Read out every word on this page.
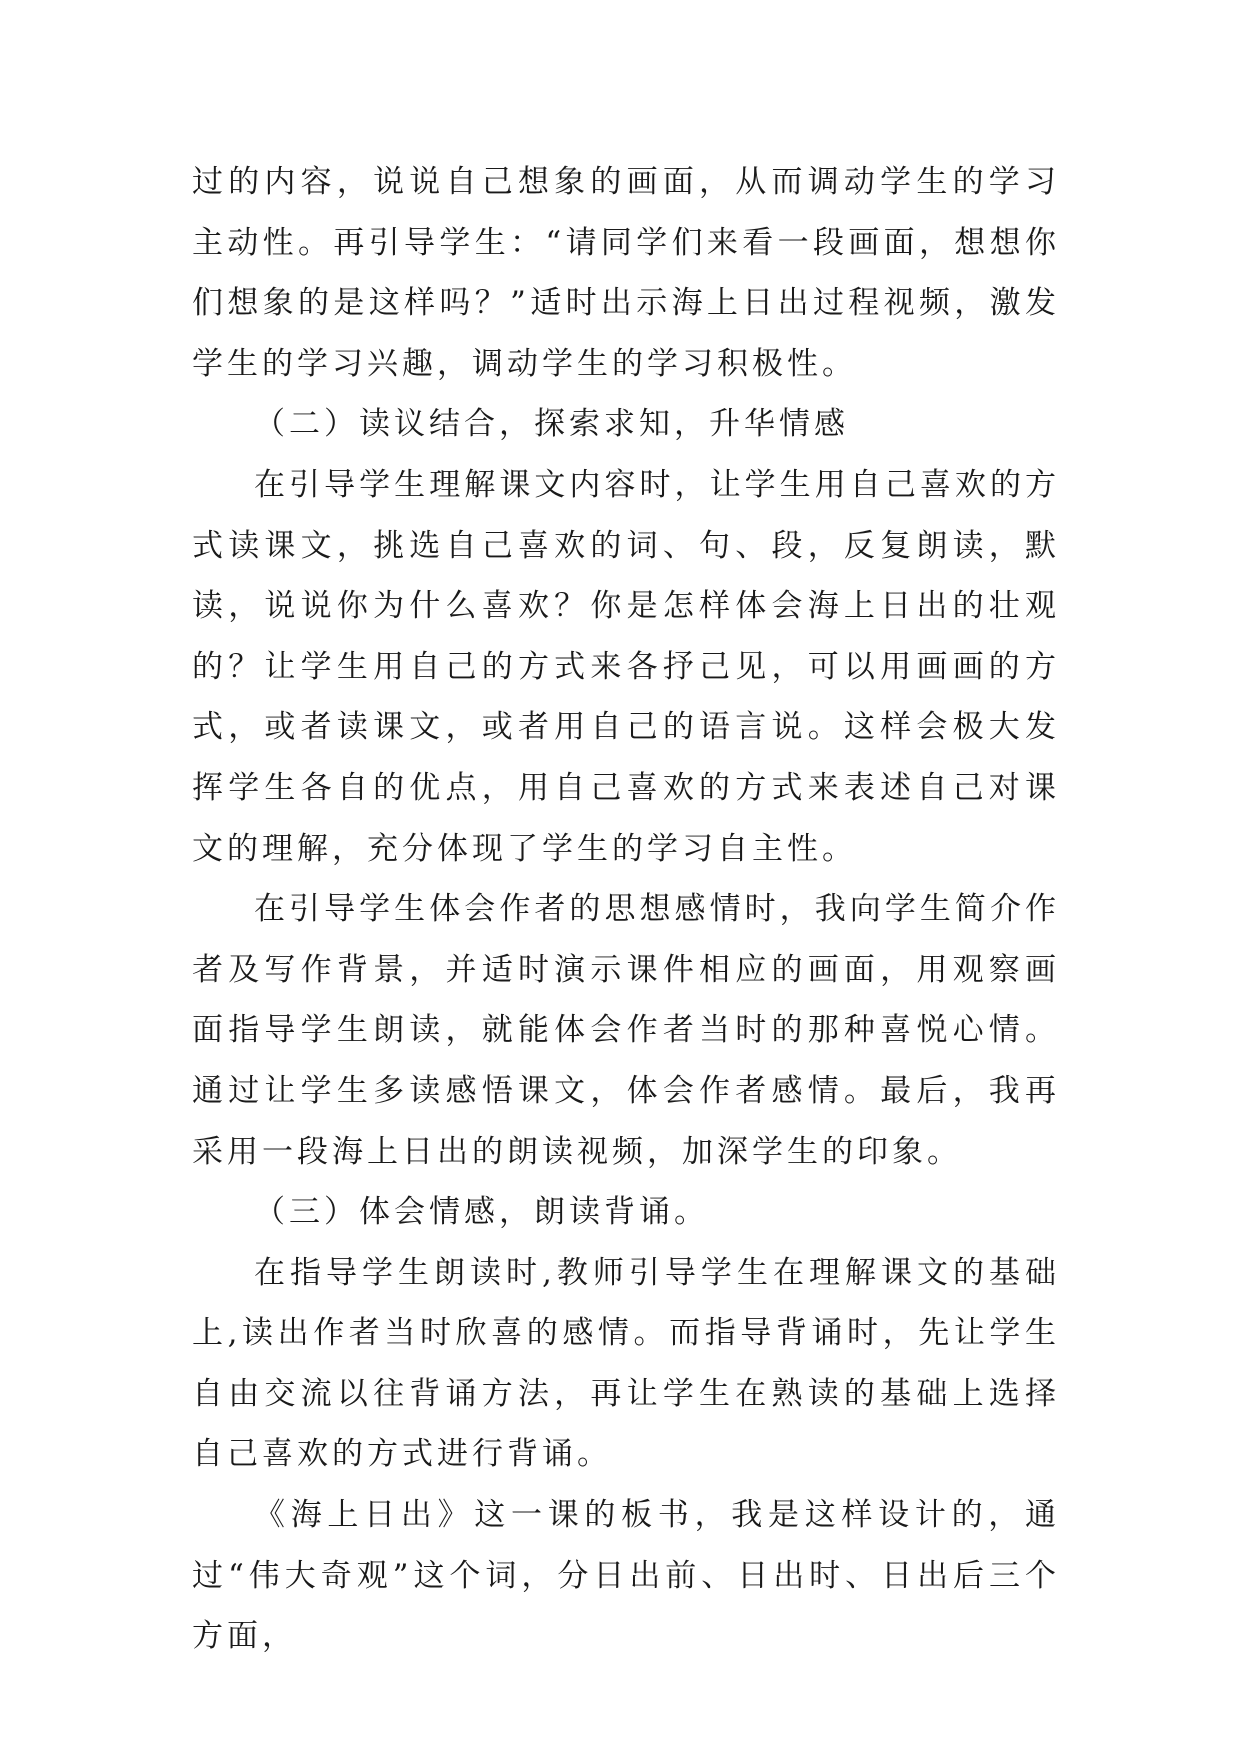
过的内容，说说自己想象的画面，从而调动学生的学习主动性。再引导学生：“请同学们来看一段画面，想想你们想象的是这样吗？”适时出示海上日出过程视频，激发学生的学习兴趣，调动学生的学习积极性。

（二）读议结合，探索求知，升华情感

在引导学生理解课文内容时，让学生用自己喜欢的方式读课文，挑选自己喜欢的词、句、段，反复朗读，默读，说说你为什么喜欢？你是怎样体会海上日出的壮观的？让学生用自己的方式来各抒己见，可以用画画的方式，或者读课文，或者用自己的语言说。这样会极大发挥学生各自的优点，用自己喜欢的方式来表述自己对课文的理解，充分体现了学生的学习自主性。

在引导学生体会作者的思想感情时，我向学生简介作者及写作背景，并适时演示课件相应的画面，用观察画面指导学生朗读，就能体会作者当时的那种喜悦心情。通过让学生多读感悟课文，体会作者感情。最后，我再采用一段海上日出的朗读视频，加深学生的印象。

（三）体会情感，朗读背诵。

在指导学生朗读时,教师引导学生在理解课文的基础上,读出作者当时欣喜的感情。而指导背诵时，先让学生自由交流以往背诵方法，再让学生在熟读的基础上选择自己喜欢的方式进行背诵。

《海上日出》这一课的板书，我是这样设计的，通过“伟大奇观”这个词，分日出前、日出时、日出后三个方面，
